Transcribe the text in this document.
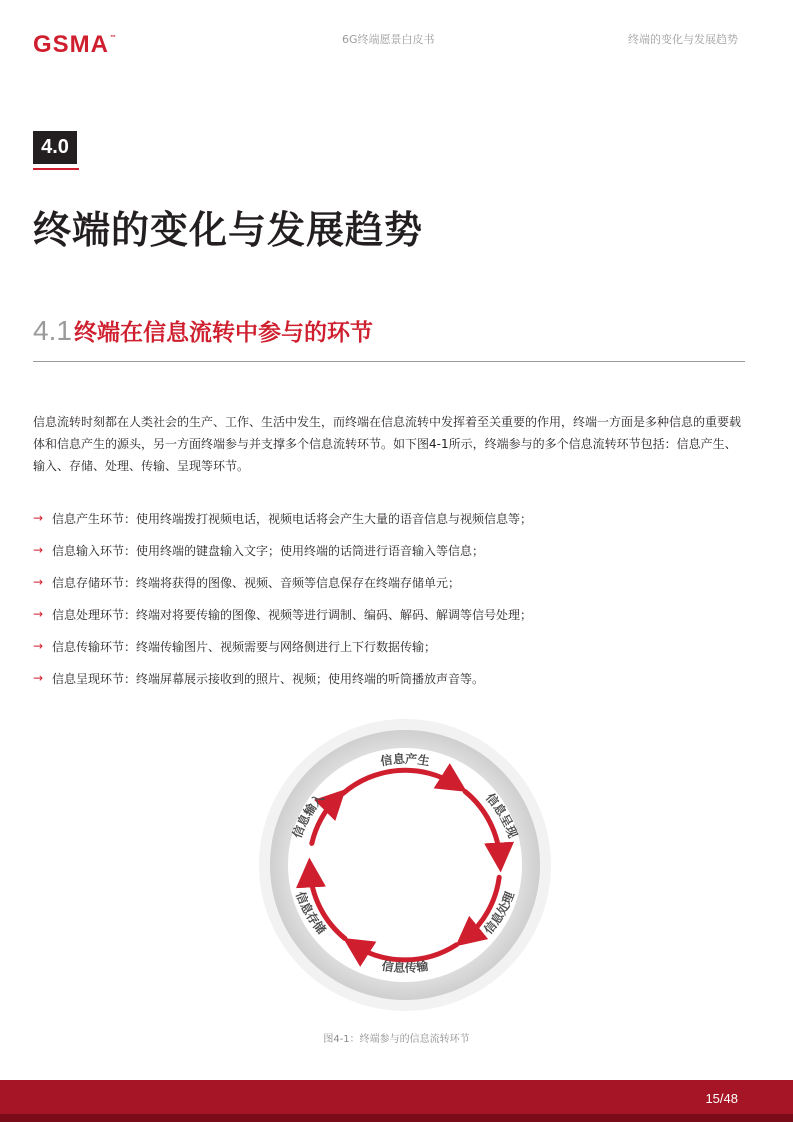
GSMA™	6G终端愿景白皮书	终端的变化与发展趋势
4.0
终端的变化与发展趋势
4.1 终端在信息流转中参与的环节

信息流转时刻都在人类社会的生产、工作、生活中发生，而终端在信息流转中发挥着至关重要的作用，终端一方面是多种信息的重要载体和信息产生的源头，另一方面终端参与并支撑多个信息流转环节。如下图4-1所示，终端参与的多个信息流转环节包括：信息产生、输入、存储、处理、传输、呈现等环节。

→ 信息产生环节：使用终端拨打视频电话，视频电话将会产生大量的语音信息与视频信息等；
→ 信息输入环节：使用终端的键盘输入文字；使用终端的话筒进行语音输入等信息；
→ 信息存储环节：终端将获得的图像、视频、音频等信息保存在终端存储单元；
→ 信息处理环节：终端对将要传输的图像、视频等进行调制、编码、解码、解调等信号处理；
→ 信息传输环节：终端传输图片、视频需要与网络侧进行上下行数据传输；
→ 信息呈现环节：终端屏幕展示接收到的照片、视频；使用终端的听筒播放声音等。
信息产生
信息呈现
信息输入
信息传输
信息处理
信息存储
图4-1：终端参与的信息流转环节
15/48
